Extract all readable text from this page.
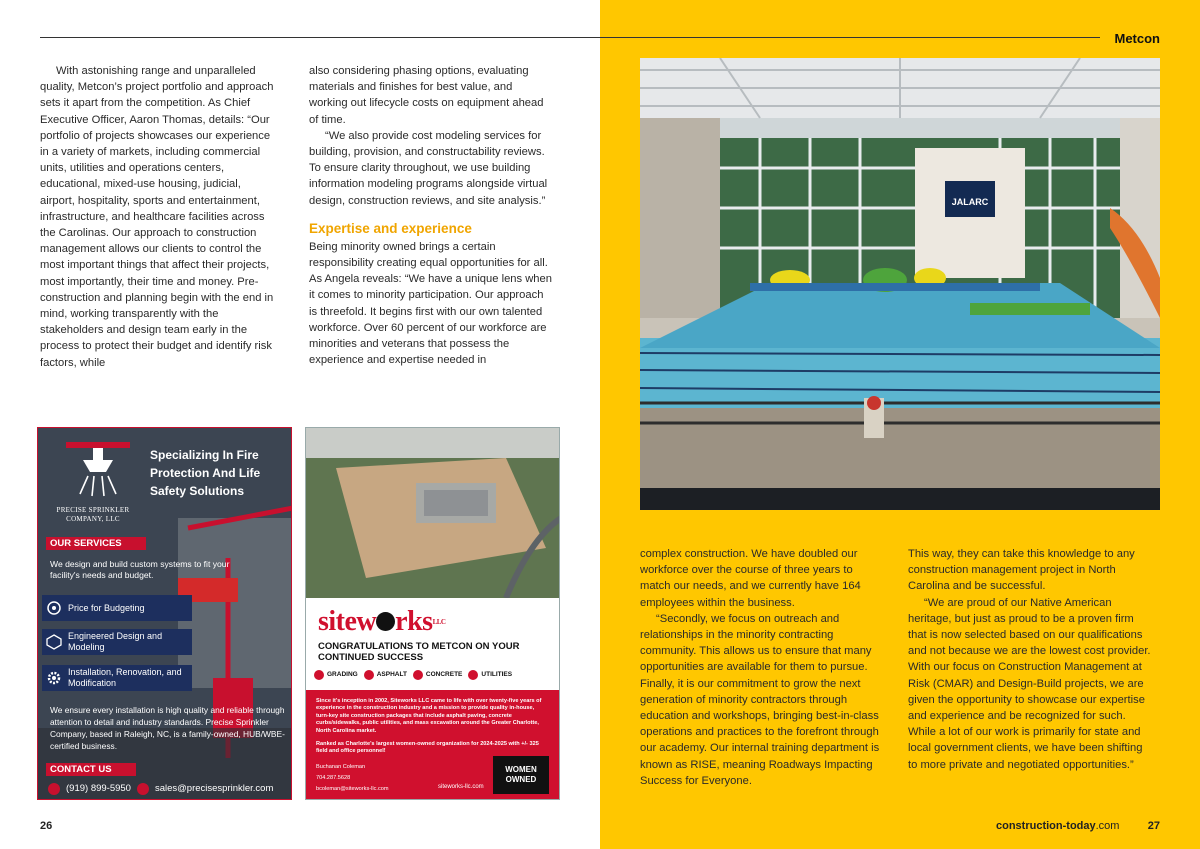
Metcon

With astonishing range and unparalleled quality, Metcon’s project portfolio and approach sets it apart from the competition. As Chief Executive Officer, Aaron Thomas, details: “Our portfolio of projects showcases our experience in a variety of markets, including commercial units, utilities and operations centers, educational, mixed-use housing, judicial, airport, hospitality, sports and entertainment, infrastructure, and healthcare facilities across the Carolinas. Our approach to construction management allows our clients to control the most important things that affect their projects, most importantly, their time and money. Pre-construction and planning begin with the end in mind, working transparently with the stakeholders and design team early in the process to protect their budget and identify risk factors, while

also considering phasing options, evaluating materials and finishes for best value, and working out lifecycle costs on equipment ahead of time.

“We also provide cost modeling services for building, provision, and constructability reviews. To ensure clarity throughout, we use building information modeling programs alongside virtual design, construction reviews, and site analysis.”

Expertise and experience

Being minority owned brings a certain responsibility creating equal opportunities for all. As Angela reveals: “We have a unique lens when it comes to minority participation. Our approach is threefold. It begins first with our own talented workforce. Over 60 percent of our workforce are minorities and veterans that possess the experience and expertise needed in

JALARC

complex construction. We have doubled our workforce over the course of three years to match our needs, and we currently have 164 employees within the business.

“Secondly, we focus on outreach and relationships in the minority contracting community. This allows us to ensure that many opportunities are available for them to pursue. Finally, it is our commitment to grow the next generation of minority contractors through education and workshops, bringing best-in-class operations and practices to the forefront through our academy. Our internal training department is known as RISE, meaning Roadways Impacting Success for Everyone.

This way, they can take this knowledge to any construction management project in North Carolina and be successful.

“We are proud of our Native American heritage, but just as proud to be a proven firm that is now selected based on our qualifications and not because we are the lowest cost provider. With our focus on Construction Management at Risk (CMAR) and Design-Build projects, we are given the opportunity to showcase our expertise and experience and be recognized for such. While a lot of our work is primarily for state and local government clients, we have been shifting to more private and negotiated opportunities.”

PRECISE SPRINKLER COMPANY, LLC
Specializing In Fire Protection And Life Safety Solutions
OUR SERVICES
We design and build custom systems to fit your facility's needs and budget.
Price for Budgeting
Engineered Design and Modeling
Installation, Renovation, and Modification
We ensure every installation is high quality and reliable through attention to detail and industry standards. Precise Sprinkler Company, based in Raleigh, NC, is a family-owned, HUB/WBE-certified business.
CONTACT US
(919) 899-5950	sales@precisesprinkler.com
sitew rks$^{LLC}$
CONGRATULATIONS TO METCON ON YOUR CONTINUED SUCCESS
GRADING	ASPHALT	CONCRETE	UTILITIES
Since it's inception in 2002, Siteworks LLC came to life with over twenty-five years of experience in the construction industry and a mission to provide quality in-house, turn-key site construction packages that include asphalt paving, concrete curbs/sidewalks, public utilities, and mass excavation around the Greater Charlotte, North Carolina market.
Ranked as Charlotte's largest women-owned organization for 2024-2025 with +/- 325 field and office personnel!
Buchanan Coleman
704.287.5628
bcoleman@siteworks-llc.com	siteworks-llc.com
WOMEN
OWNED
26	construction-today.com	27
